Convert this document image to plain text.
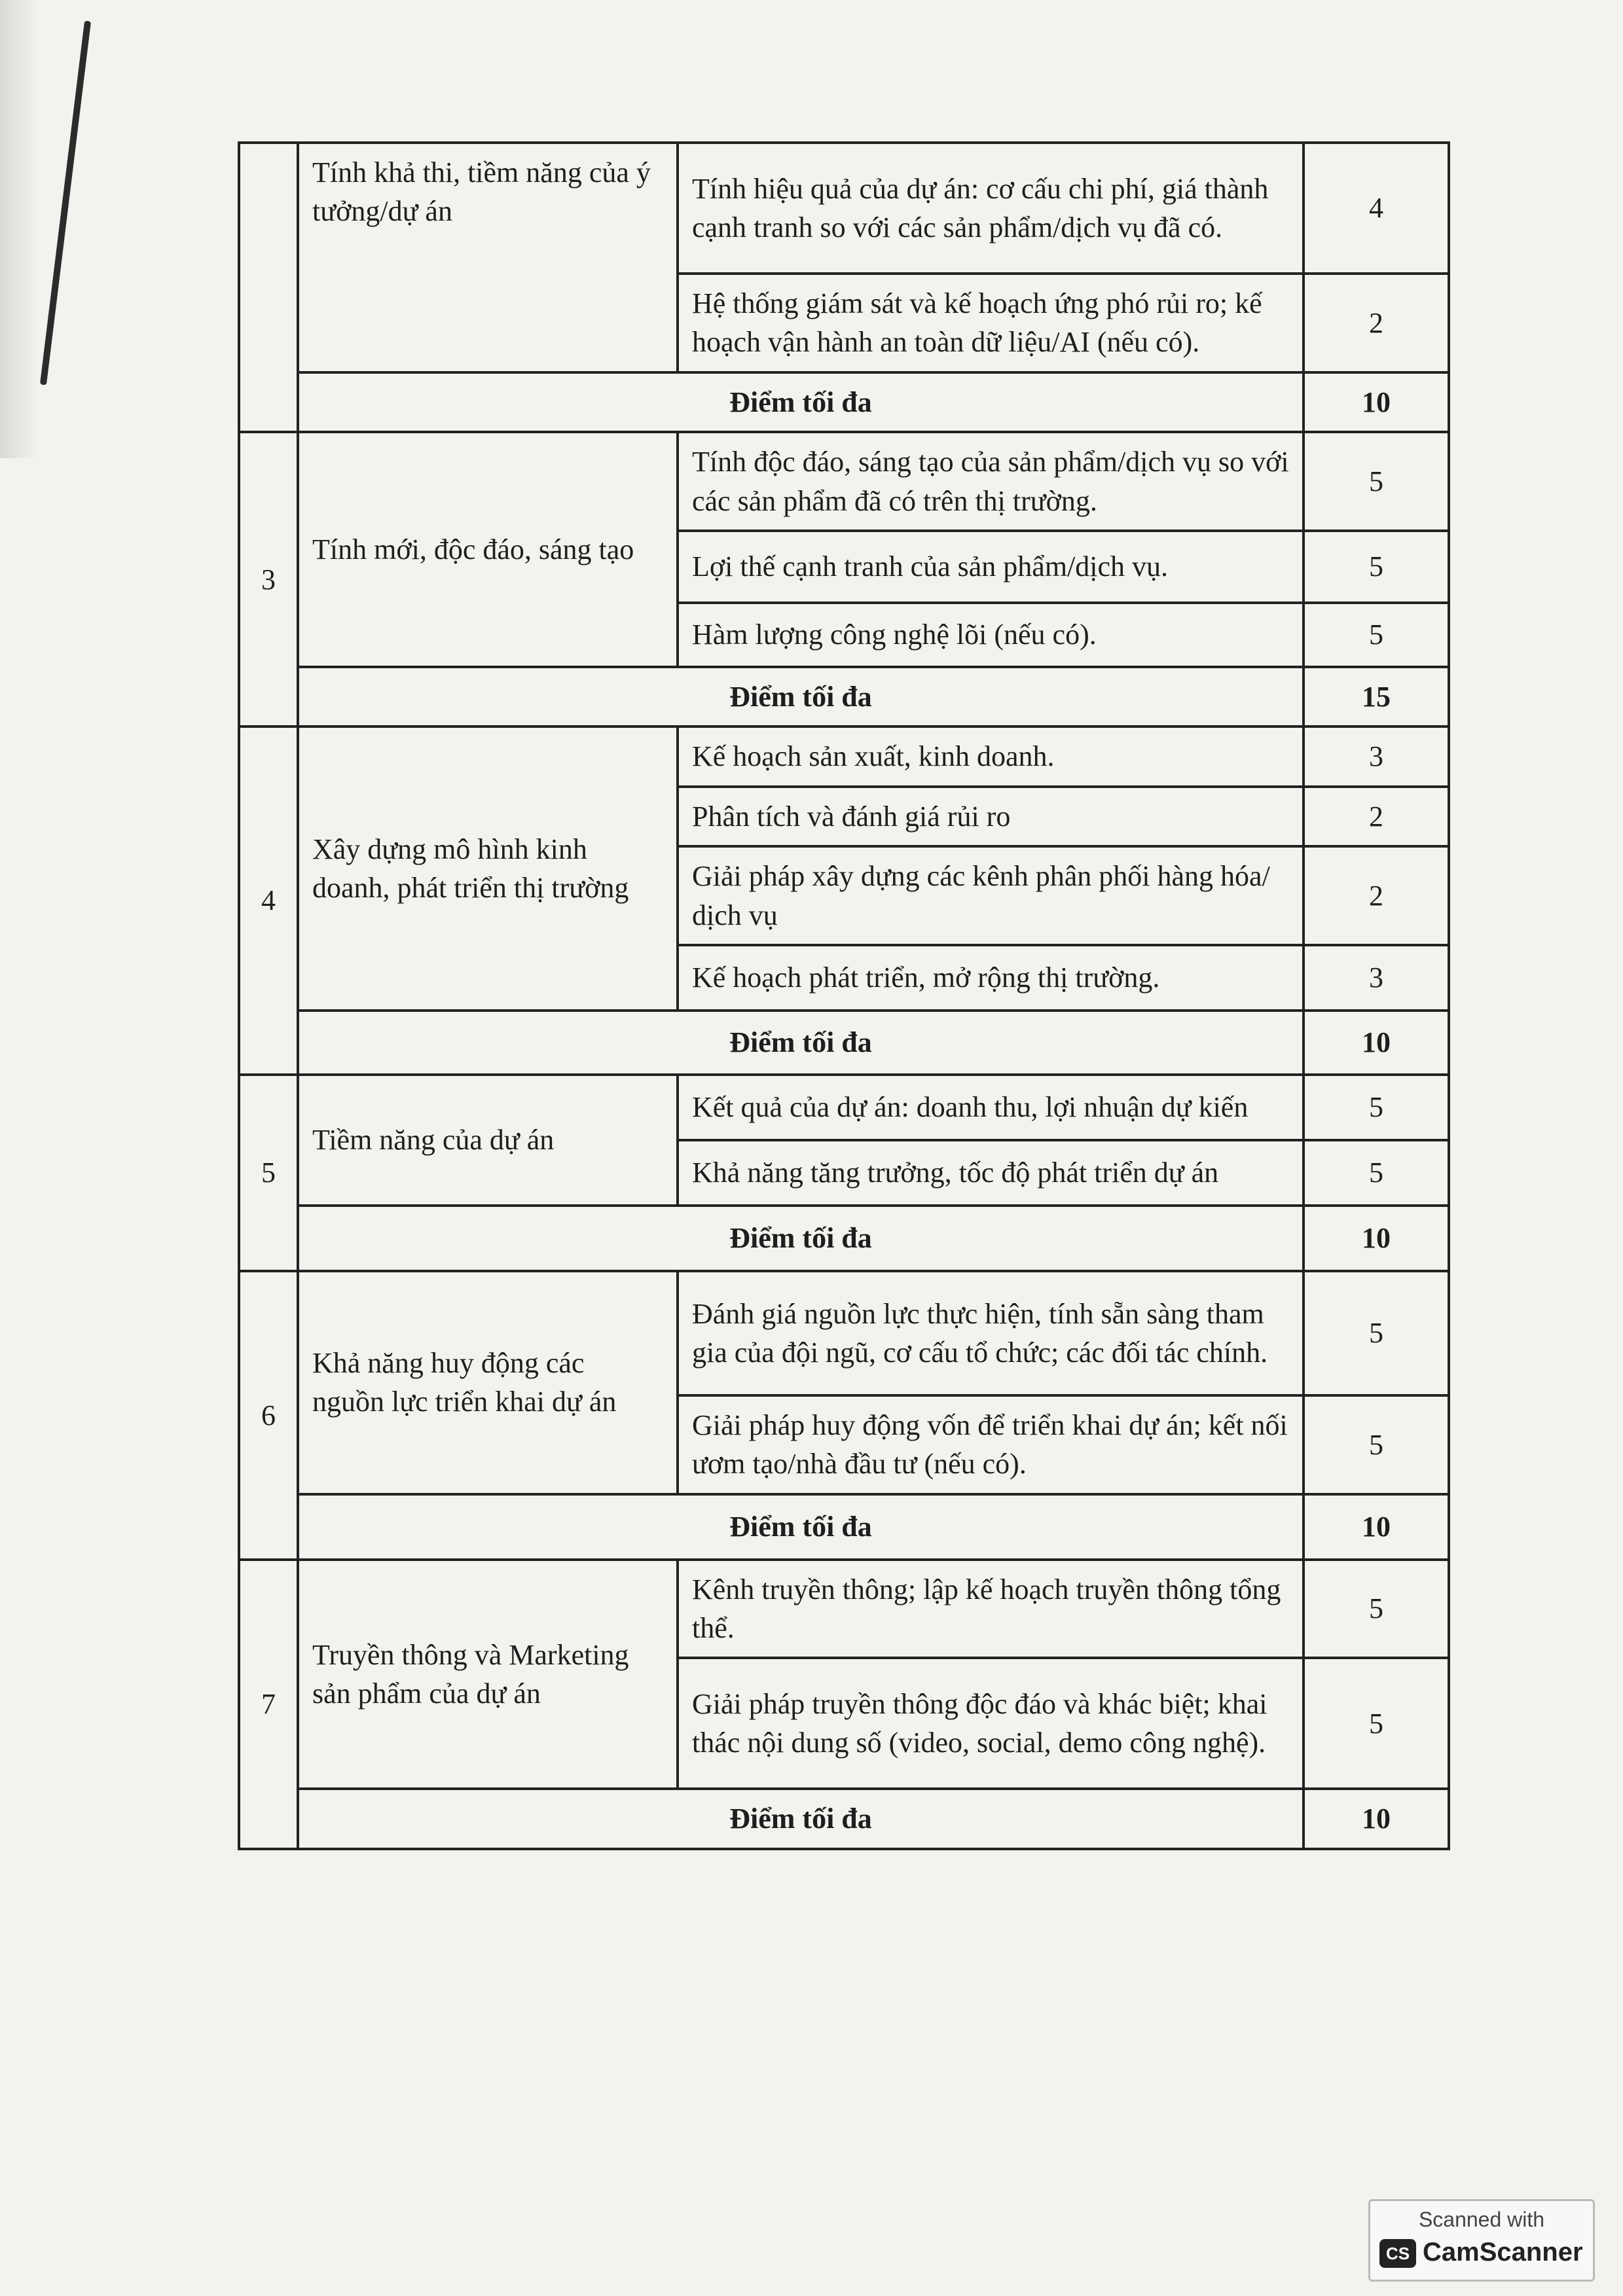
	Tính khả thi, tiềm năng của ý tưởng/dự án	Tính hiệu quả của dự án: cơ cấu chi phí, giá thành cạnh tranh so với các sản phẩm/dịch vụ đã có.	4
		Hệ thống giám sát và kế hoạch ứng phó rủi ro; kế hoạch vận hành an toàn dữ liệu/AI (nếu có).	2
	Điểm tối đa		10
3	Tính mới, độc đáo, sáng tạo	Tính độc đáo, sáng tạo của sản phẩm/dịch vụ so với các sản phẩm đã có trên thị trường.	5
		Lợi thế cạnh tranh của sản phẩm/dịch vụ.	5
		Hàm lượng công nghệ lõi (nếu có).	5
	Điểm tối đa		15
4	Xây dựng mô hình kinh doanh, phát triển thị trường	Kế hoạch sản xuất, kinh doanh.	3
		Phân tích và đánh giá rủi ro	2
		Giải pháp xây dựng các kênh phân phối hàng hóa/ dịch vụ	2
		Kế hoạch phát triển, mở rộng thị trường.	3
	Điểm tối đa		10
5	Tiềm năng của dự án	Kết quả của dự án: doanh thu, lợi nhuận dự kiến	5
		Khả năng tăng trưởng, tốc độ phát triển dự án	5
	Điểm tối đa		10
6	Khả năng huy động các nguồn lực triển khai dự án	Đánh giá nguồn lực thực hiện, tính sẵn sàng tham gia của đội ngũ, cơ cấu tổ chức; các đối tác chính.	5
		Giải pháp huy động vốn để triển khai dự án; kết nối ươm tạo/nhà đầu tư (nếu có).	5
	Điểm tối đa		10
7	Truyền thông và Marketing sản phẩm của dự án	Kênh truyền thông; lập kế hoạch truyền thông tổng thể.	5
		Giải pháp truyền thông độc đáo và khác biệt; khai thác nội dung số (video, social, demo công nghệ).	5
	Điểm tối đa		10
Scanned with
CS CamScanner
